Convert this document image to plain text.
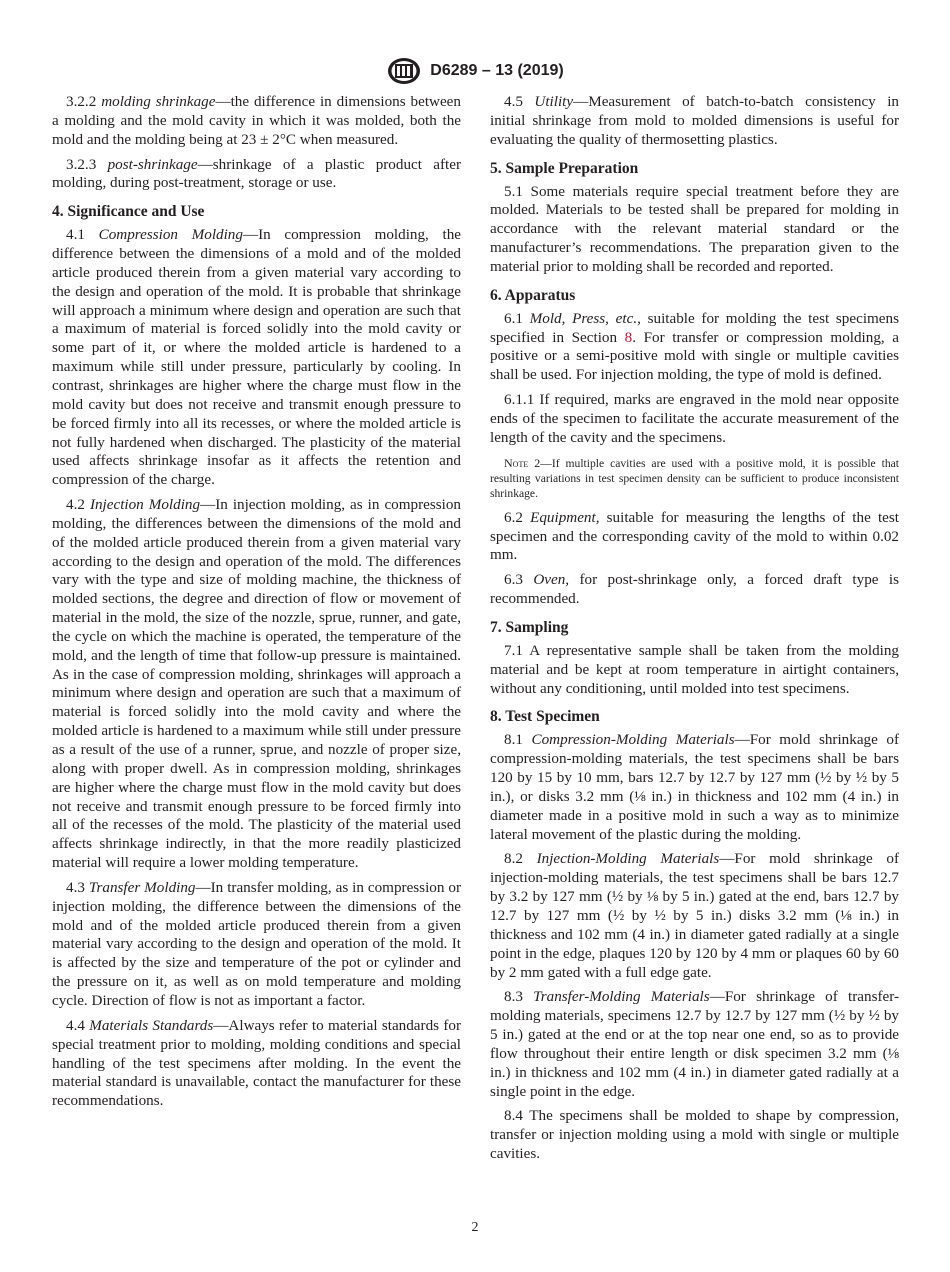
D6289 – 13 (2019)

3.2.2 molding shrinkage—the difference in dimensions between a molding and the mold cavity in which it was molded, both the mold and the molding being at 23 ± 2°C when measured.

3.2.3 post-shrinkage—shrinkage of a plastic product after molding, during post-treatment, storage or use.

4. Significance and Use

4.1 Compression Molding—In compression molding, the difference between the dimensions of a mold and of the molded article produced therein from a given material vary according to the design and operation of the mold. It is probable that shrinkage will approach a minimum where design and operation are such that a maximum of material is forced solidly into the mold cavity or some part of it, or where the molded article is hardened to a maximum while still under pressure, particularly by cooling. In contrast, shrinkages are higher where the charge must flow in the mold cavity but does not receive and transmit enough pressure to be forced firmly into all its recesses, or where the molded article is not fully hardened when discharged. The plasticity of the material used affects shrinkage insofar as it affects the retention and compression of the charge.

4.2 Injection Molding—In injection molding, as in compression molding, the differences between the dimensions of the mold and of the molded article produced therein from a given material vary according to the design and operation of the mold. The differences vary with the type and size of molding machine, the thickness of molded sections, the degree and direction of flow or movement of material in the mold, the size of the nozzle, sprue, runner, and gate, the cycle on which the machine is operated, the temperature of the mold, and the length of time that follow-up pressure is maintained. As in the case of compression molding, shrinkages will approach a minimum where design and operation are such that a maximum of material is forced solidly into the mold cavity and where the molded article is hardened to a maximum while still under pressure as a result of the use of a runner, sprue, and nozzle of proper size, along with proper dwell. As in compression molding, shrinkages are higher where the charge must flow in the mold cavity but does not receive and transmit enough pressure to be forced firmly into all of the recesses of the mold. The plasticity of the material used affects shrinkage indirectly, in that the more readily plasticized material will require a lower molding temperature.

4.3 Transfer Molding—In transfer molding, as in compression or injection molding, the difference between the dimensions of the mold and of the molded article produced therein from a given material vary according to the design and operation of the mold. It is affected by the size and temperature of the pot or cylinder and the pressure on it, as well as on mold temperature and molding cycle. Direction of flow is not as important a factor.

4.4 Materials Standards—Always refer to material standards for special treatment prior to molding, molding conditions and special handling of the test specimens after molding. In the event the material standard is unavailable, contact the manufacturer for these recommendations.

4.5 Utility—Measurement of batch-to-batch consistency in initial shrinkage from mold to molded dimensions is useful for evaluating the quality of thermosetting plastics.

5. Sample Preparation

5.1 Some materials require special treatment before they are molded. Materials to be tested shall be prepared for molding in accordance with the relevant material standard or the manufacturer’s recommendations. The preparation given to the material prior to molding shall be recorded and reported.

6. Apparatus

6.1 Mold, Press, etc., suitable for molding the test specimens specified in Section 8. For transfer or compression molding, a positive or a semi-positive mold with single or multiple cavities shall be used. For injection molding, the type of mold is defined.

6.1.1 If required, marks are engraved in the mold near opposite ends of the specimen to facilitate the accurate measurement of the length of the cavity and the specimens.

Note 2—If multiple cavities are used with a positive mold, it is possible that resulting variations in test specimen density can be sufficient to produce inconsistent shrinkage.

6.2 Equipment, suitable for measuring the lengths of the test specimen and the corresponding cavity of the mold to within 0.02 mm.

6.3 Oven, for post-shrinkage only, a forced draft type is recommended.

7. Sampling

7.1 A representative sample shall be taken from the molding material and be kept at room temperature in airtight containers, without any conditioning, until molded into test specimens.

8. Test Specimen

8.1 Compression-Molding Materials—For mold shrinkage of compression-molding materials, the test specimens shall be bars 120 by 15 by 10 mm, bars 12.7 by 12.7 by 127 mm (½ by ½ by 5 in.), or disks 3.2 mm (⅛ in.) in thickness and 102 mm (4 in.) in diameter made in a positive mold in such a way as to minimize lateral movement of the plastic during the molding.

8.2 Injection-Molding Materials—For mold shrinkage of injection-molding materials, the test specimens shall be bars 12.7 by 3.2 by 127 mm (½ by ⅛ by 5 in.) gated at the end, bars 12.7 by 12.7 by 127 mm (½ by ½ by 5 in.) disks 3.2 mm (⅛ in.) in thickness and 102 mm (4 in.) in diameter gated radially at a single point in the edge, plaques 120 by 120 by 4 mm or plaques 60 by 60 by 2 mm gated with a full edge gate.

8.3 Transfer-Molding Materials—For shrinkage of transfer-molding materials, specimens 12.7 by 12.7 by 127 mm (½ by ½ by 5 in.) gated at the end or at the top near one end, so as to provide flow throughout their entire length or disk specimen 3.2 mm (⅛ in.) in thickness and 102 mm (4 in.) in diameter gated radially at a single point in the edge.

8.4 The specimens shall be molded to shape by compression, transfer or injection molding using a mold with single or multiple cavities.

2
